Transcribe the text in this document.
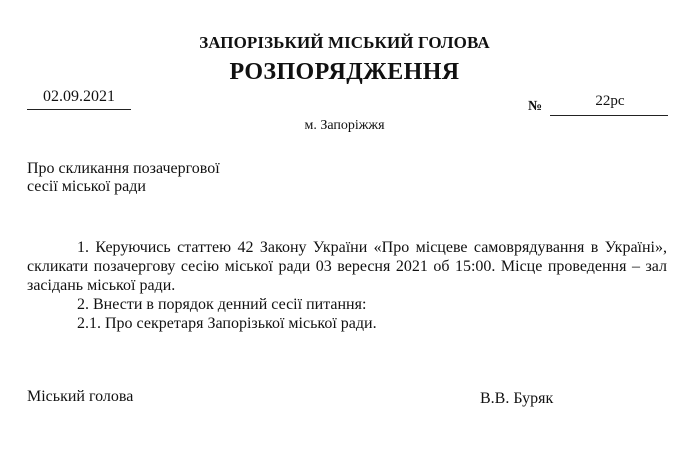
ЗАПОРІЗЬКИЙ МІСЬКИЙ ГОЛОВА
РОЗПОРЯДЖЕННЯ
02.09.2021
№	22рс
м. Запоріжжя
Про скликання позачергової
сесії міської ради

1. Керуючись статтею 42 Закону України «Про місцеве самоврядування в Україні», скликати позачергову сесію міської ради 03 вересня 2021 об 15:00. Місце проведення – зал засідань міської ради.

2. Внести в порядок денний сесії питання:

2.1. Про секретаря Запорізької міської ради.

Міський голова	В.В. Буряк
